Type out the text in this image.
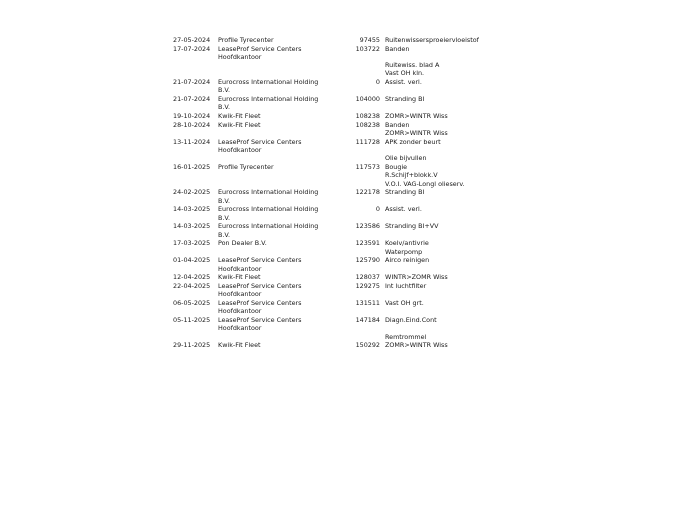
27-05-2024	Profile Tyrecenter	97455 Ruitenwissersproeiervloeistof
17-07-2024	LeaseProf Service Centers
Hoofdkantoor
103722 Banden

Ruitewiss. blad A
Vast OH kln.
21-07-2024	Eurocross International Holding
B.V.
0 Assist. verl.
21-07-2024	Eurocross International Holding
B.V.
104000 Stranding BI
19-10-2024	Kwik-Fit Fleet	108238 ZOMR>WINTR Wiss
28-10-2024	Kwik-Fit Fleet	108238 Banden
ZOMR>WINTR Wiss
13-11-2024	LeaseProf Service Centers
Hoofdkantoor
111728 APK zonder beurt

Olie bijvullen
16-01-2025	Profile Tyrecenter	117573 Bougie
R.Schijf+blokk.V
V.O.I. VAG-Longl olieserv.
24-02-2025	Eurocross International Holding
B.V.
122178 Stranding BI
14-03-2025	Eurocross International Holding
B.V.
0 Assist. verl.
14-03-2025	Eurocross International Holding
B.V.
123586 Stranding BI+VV
17-03-2025	Pon Dealer B.V.	123591 Koelv/antivrie
Waterpomp
01-04-2025	LeaseProf Service Centers
Hoofdkantoor
125790 Airco reinigen
12-04-2025	Kwik-Fit Fleet	128037 WINTR>ZOMR Wiss
22-04-2025	LeaseProf Service Centers
Hoofdkantoor
129275 Int luchtfilter
06-05-2025	LeaseProf Service Centers
Hoofdkantoor
131511 Vast OH grt.
05-11-2025	LeaseProf Service Centers
Hoofdkantoor
147184 Diagn.Eind.Cont

Remtrommel
29-11-2025	Kwik-Fit Fleet	150292 ZOMR>WINTR Wiss
